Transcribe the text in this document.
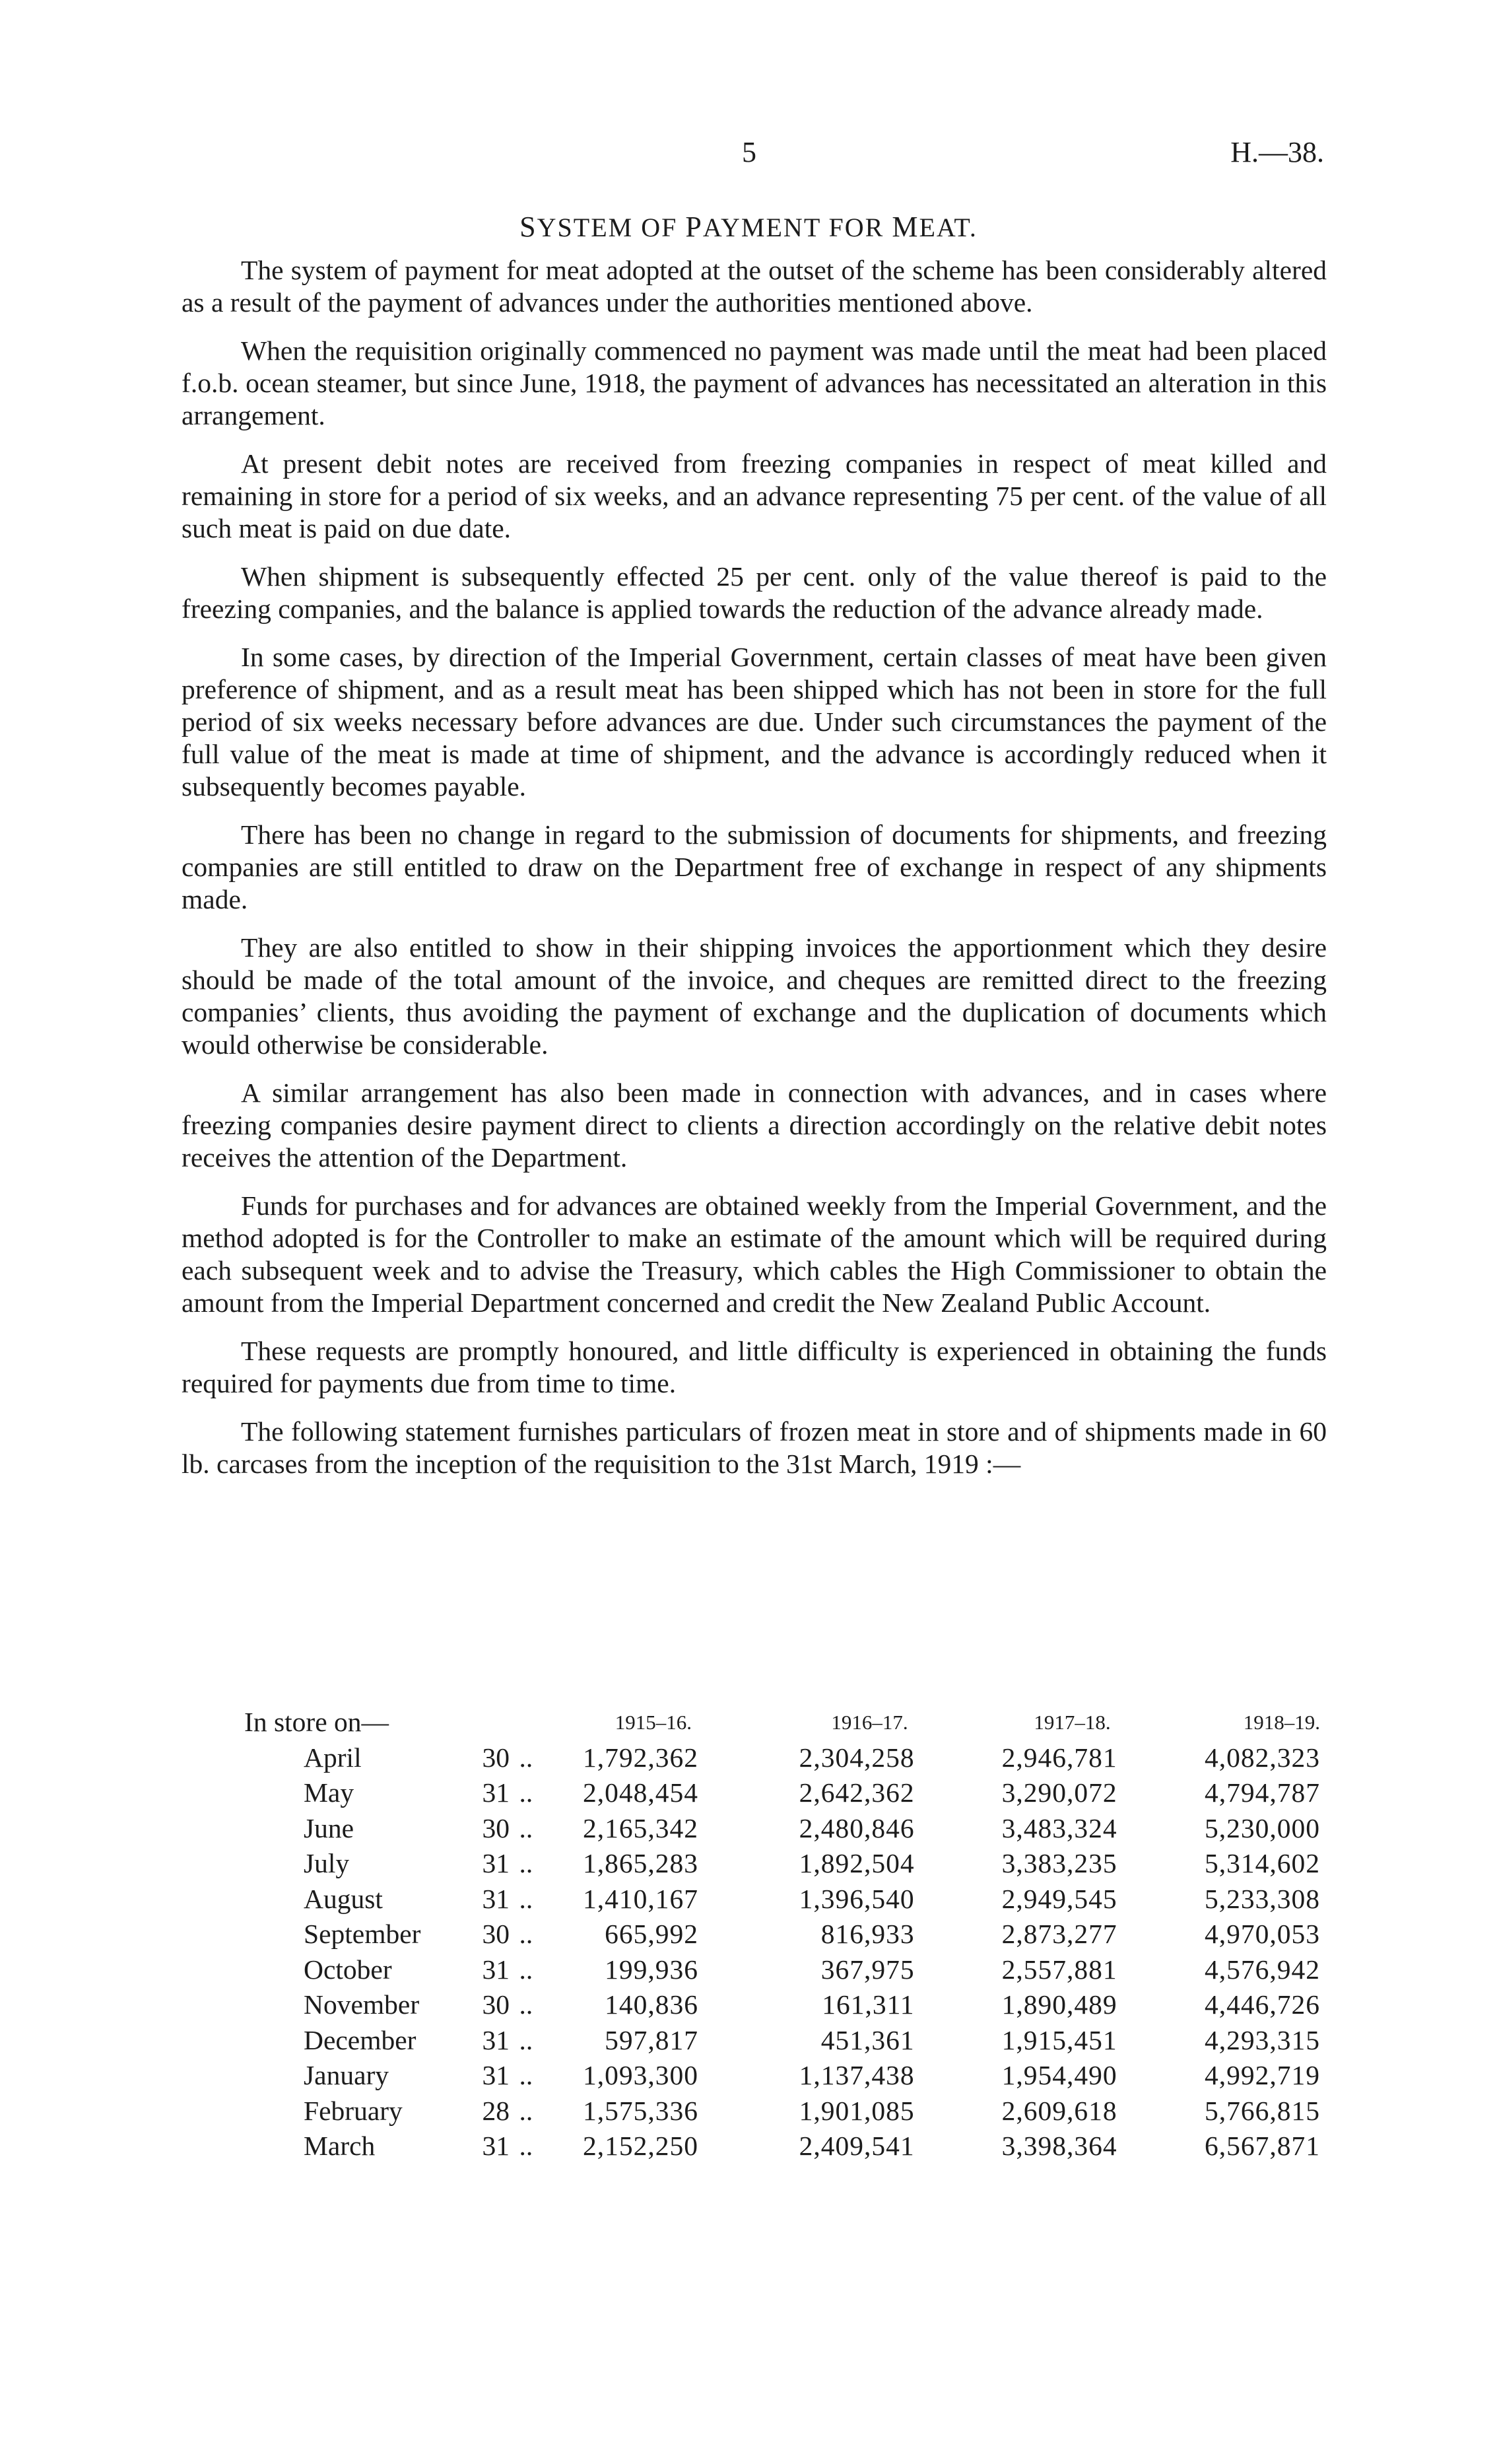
5	H.—38.
SYSTEM OF PAYMENT FOR MEAT.

The system of payment for meat adopted at the outset of the scheme has been considerably altered as a result of the payment of advances under the authorities mentioned above.

When the requisition originally commenced no payment was made until the meat had been placed f.o.b. ocean steamer, but since June, 1918, the payment of advances has necessitated an alteration in this arrangement.

At present debit notes are received from freezing companies in respect of meat killed and remaining in store for a period of six weeks, and an advance representing 75 per cent. of the value of all such meat is paid on due date.

When shipment is subsequently effected 25 per cent. only of the value thereof is paid to the freezing companies, and the balance is applied towards the reduction of the advance already made.

In some cases, by direction of the Imperial Government, certain classes of meat have been given preference of shipment, and as a result meat has been shipped which has not been in store for the full period of six weeks necessary before advances are due. Under such circumstances the payment of the full value of the meat is made at time of shipment, and the advance is accordingly reduced when it subsequently becomes payable.

There has been no change in regard to the submission of documents for shipments, and freezing companies are still entitled to draw on the Department free of exchange in respect of any shipments made.

They are also entitled to show in their shipping invoices the apportionment which they desire should be made of the total amount of the invoice, and cheques are remitted direct to the freezing companies’ clients, thus avoiding the payment of exchange and the duplication of documents which would otherwise be considerable.

A similar arrangement has also been made in connection with advances, and in cases where freezing companies desire payment direct to clients a direction accordingly on the relative debit notes receives the attention of the Department.

Funds for purchases and for advances are obtained weekly from the Imperial Government, and the method adopted is for the Controller to make an estimate of the amount which will be required during each subsequent week and to advise the Treasury, which cables the High Commissioner to obtain the amount from the Imperial Department concerned and credit the New Zealand Public Account.

These requests are promptly honoured, and little difficulty is experienced in obtaining the funds required for payments due from time to time.

The following statement furnishes particulars of frozen meat in store and of shipments made in 60 lb. carcases from the inception of the requisition to the 31st March, 1919 :—

In store on—			1915–16.	1916–17.	1917–18.	1918–19.
April	30	..	1,792,362	2,304,258	2,946,781	4,082,323
May	31	..	2,048,454	2,642,362	3,290,072	4,794,787
June	30	..	2,165,342	2,480,846	3,483,324	5,230,000
July	31	..	1,865,283	1,892,504	3,383,235	5,314,602
August	31	..	1,410,167	1,396,540	2,949,545	5,233,308
September	30	..	665,992	816,933	2,873,277	4,970,053
October	31	..	199,936	367,975	2,557,881	4,576,942
November	30	..	140,836	161,311	1,890,489	4,446,726
December	31	..	597,817	451,361	1,915,451	4,293,315
January	31	..	1,093,300	1,137,438	1,954,490	4,992,719
February	28	..	1,575,336	1,901,085	2,609,618	5,766,815
March	31	..	2,152,250	2,409,541	3,398,364	6,567,871
